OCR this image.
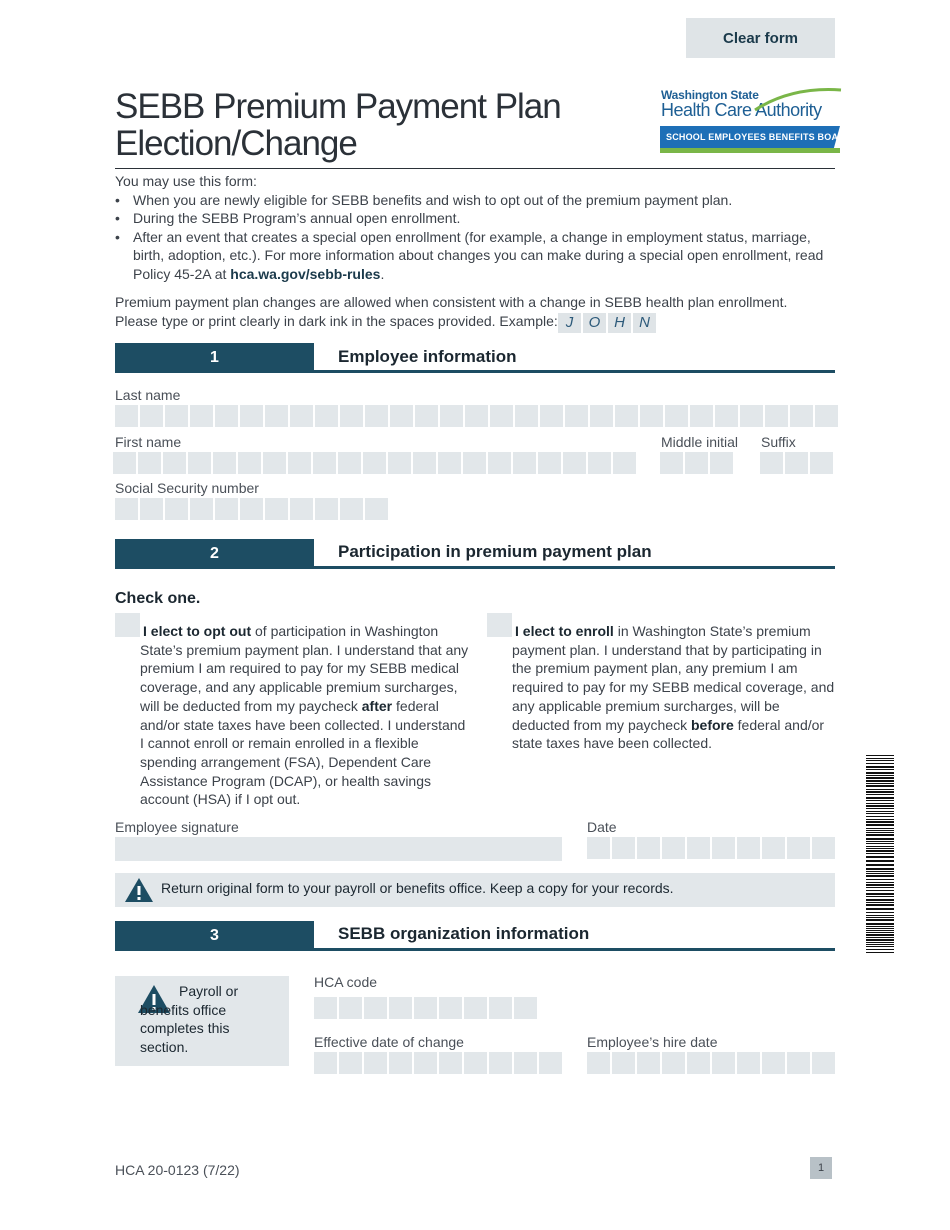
Clear form
SEBB Premium Payment Plan
Election/Change
Washington State
Health Care Authority
SCHOOL EMPLOYEES BENEFITS BOARD
You may use this form:
• When you are newly eligible for SEBB benefits and wish to opt out of the premium payment plan.
• During the SEBB Program’s annual open enrollment.
• After an event that creates a special open enrollment (for example, a change in employment status, marriage, birth, adoption, etc.). For more information about changes you can make during a special open enrollment, read Policy 45-2A at hca.wa.gov/sebb-rules.
Premium payment plan changes are allowed when consistent with a change in SEBB health plan enrollment.
Please type or print clearly in dark ink in the spaces provided. Example: J	O H N
1	Employee information
Last name
First name	Middle initial Suffix
Social Security number
2	Participation in premium payment plan
Check one.
I elect to opt out of participation in Washington State’s premium payment plan. I understand that any premium I am required to pay for my SEBB medical coverage, and any applicable premium surcharges, will be deducted from my paycheck after federal and/or state taxes have been collected. I understand I cannot enroll or remain enrolled in a flexible spending arrangement (FSA), Dependent Care Assistance Program (DCAP), or health savings account (HSA) if I opt out.
I elect to enroll in Washington State’s premium payment plan. I understand that by participating in the premium payment plan, any premium I am required to pay for my SEBB medical coverage, and any applicable premium surcharges, will be deducted from my paycheck before federal and/or state taxes have been collected.
Employee signature	Date
Return original form to your payroll or benefits office. Keep a copy for your records.
3	SEBB organization information
Payroll or benefits office completes this section.
HCA code
Effective date of change	Employee’s hire date
HCA 20-0123 (7/22)	1
